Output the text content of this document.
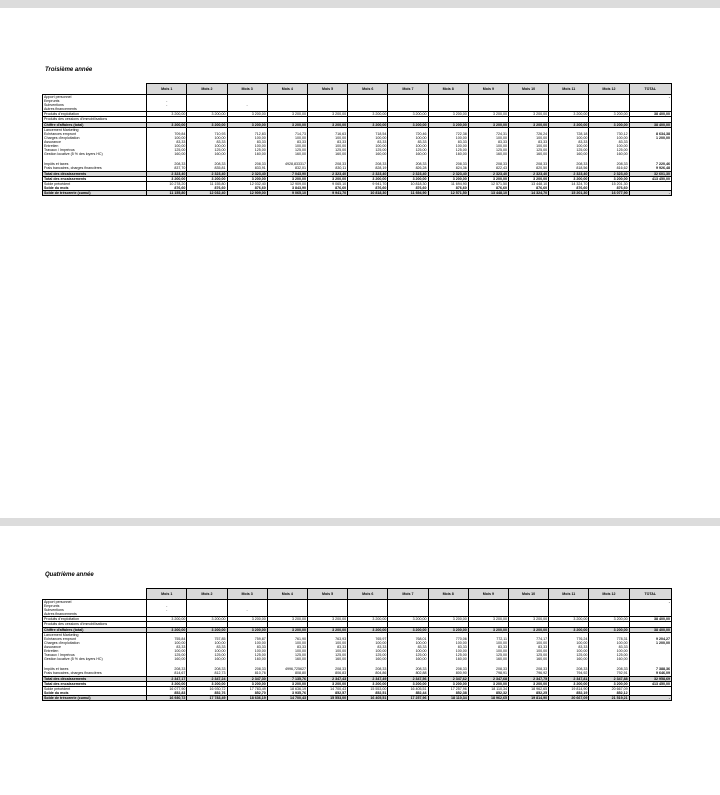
Troisième année
	Mois 1	Mois 2	Mois 3	Mois 4	Mois 5	Mois 6	Mois 7	Mois 8	Mois 9	Mois 10	Mois 11	Mois 12	TOTAL
Apport personnel													-
Emprunts	-												
Subventions	-		-										
Autres financements													
Produits d'exploitation	3 200,00	3 200,00	3 200,00	3 200,00	3 200,00	3 200,00	3 200,00	3 200,00	3 200,00	3 200,00	3 200,00	3 200,00	38 400,00
Produits des cessions d'immobilisations													
Chiffre d'affaires (total)	3 200,00	3 200,00	3 200,00	3 200,00	3 200,00	3 200,00	3 200,00	3 200,00	3 200,00	3 200,00	3 200,00	3 200,00	38 400,00
Lancement Marketing													
Echéances emprunt	709,84	710,93	712,83	714,73	716,63	718,54	720,46	722,38	724,31	726,24	728,18	730,12	8 634,38
Charges d'exploitation	100,00	100,00	100,00	100,00	100,00	100,00	100,00	100,00	100,00	100,00	100,00	100,00	1 200,00
Assurance	83,33	83,33	83,33	83,33	83,33	83,33	83,33	83,33	83,33	83,33	83,33	83,33	
Entretien	100,00	100,00	100,00	100,00	100,00	100,00	100,00	100,00	100,00	100,00	100,00	100,00	
Travaux / Imprévus	125,00	125,00	125,00	125,00	125,00	125,00	125,00	125,00	125,00	125,00	125,00	125,00	
Gestion locative (5 % des loyers HC)	160,00	160,00	160,00	160,00	160,00	160,00	160,00	160,00	160,00	160,00	160,00	160,00	

Impôts et taxes	208,33	208,33	208,33	4928,833317	208,33	208,33	208,33	208,33	208,33	208,33	208,33	208,33	7 220,46
Frais bancaires, charges financières	837,70	835,81	833,91	832,01	830,11	828,19	826,28	824,36	822,43	820,50	818,56	816,62	9 926,48
Total des décaissements	2 323,40	2 323,40	2 323,40	7 043,90	2 323,40	2 323,40	2 323,40	2 323,40	2 323,40	2 323,40	2 323,40	2 323,40	32 601,30
Total des encaissements	3 200,00	3 200,00	3 200,00	3 200,00	3 200,00	3 200,00	3 200,00	3 200,00	3 200,00	3 200,00	3 200,00	3 200,00	413 450,00
Solde précédent	10 278,20	11 155,80	12 032,40	12 909,00	9 065,10	9 941,70	10 818,30	11 694,90	12 571,50	13 448,10	14 324,70	15 201,30	
Solde du mois	876,60	876,60	876,60	3 843,90	876,60	876,60	876,60	876,60	876,60	876,60	876,60	876,60	
Solde de trésorerie (cumul)	11 155,80	12 032,40	12 909,00	9 065,10	9 941,70	10 818,30	11 694,90	12 571,50	13 448,10	14 324,70	15 201,30	16 077,90	-
Quatrième année
	Mois 1	Mois 2	Mois 3	Mois 4	Mois 5	Mois 6	Mois 7	Mois 8	Mois 9	Mois 10	Mois 11	Mois 12	TOTAL
Apport personnel													-
Emprunts	-												
Subventions	-		-										
Autres financements													
Produits d'exploitation	3 200,00	3 200,00	3 200,00	3 200,00	3 200,00	3 200,00	3 200,00	3 200,00	3 200,00	3 200,00	3 200,00	3 200,00	38 400,00
Produits des cessions d'immobilisations													
Chiffre d'affaires (total)	3 200,00	3 200,00	3 200,00	3 200,00	3 200,00	3 200,00	3 200,00	3 200,00	3 200,00	3 200,00	3 200,00	3 200,00	38 400,00
Lancement Marketing													
Echéances emprunt	755,84	757,85	759,87	761,90	763,93	765,97	768,01	770,06	772,11	774,17	776,24	778,31	9 204,27
Charges d'exploitation	100,00	100,00	100,00	100,00	100,00	100,00	100,00	100,00	100,00	100,00	100,00	100,00	1 200,00
Assurance	83,33	83,33	83,33	83,33	83,33	83,33	83,33	83,33	83,33	83,33	83,33	83,33	
Entretien	100,00	100,00	100,00	100,00	100,00	100,00	100,00	100,00	100,00	100,00	100,00	100,00	
Travaux / Imprévus	125,00	125,00	125,00	125,00	125,00	125,00	125,00	125,00	125,00	125,00	125,00	125,00	
Gestion locative (5 % des loyers HC)	160,00	160,00	160,00	160,00	160,00	160,00	160,00	160,00	160,00	160,00	160,00	160,00	

Impôts et taxes	208,33	208,33	208,33	4996,725627	208,33	208,33	208,33	208,33	208,33	208,33	208,33	208,33	7 388,36
Frais bancaires, charges financières	814,67	812,73	810,76	808,80	806,83	804,86	802,88	800,90	798,91	796,92	794,92	792,91	9 646,09
Total des décaissements	2 347,17	2 347,24	2 347,30	7 135,76	2 347,43	2 347,49	2 347,56	2 347,62	2 347,68	2 347,75	2 347,81	2 347,88	32 958,69
Total des encaissements	3 200,00	3 200,00	3 200,00	3 200,00	3 200,00	3 200,00	3 200,00	3 200,00	3 200,00	3 200,00	3 200,00	3 200,00	413 450,00
Solde précédent	16 077,90	16 930,72	17 783,49	18 636,19	14 700,43	15 553,00	16 405,51	17 257,96	18 110,34	18 962,65	19 814,90	20 667,09	
Solde du mois	852,83	852,76	852,70	3 935,76	852,57	852,51	852,44	852,38	852,32	852,25	852,19	852,12	
Solde de trésorerie (cumul)	16 930,72	17 783,49	18 636,19	14 700,43	15 553,00	16 405,51	17 257,96	18 110,34	18 962,65	19 814,90	20 667,09	21 519,21	-
